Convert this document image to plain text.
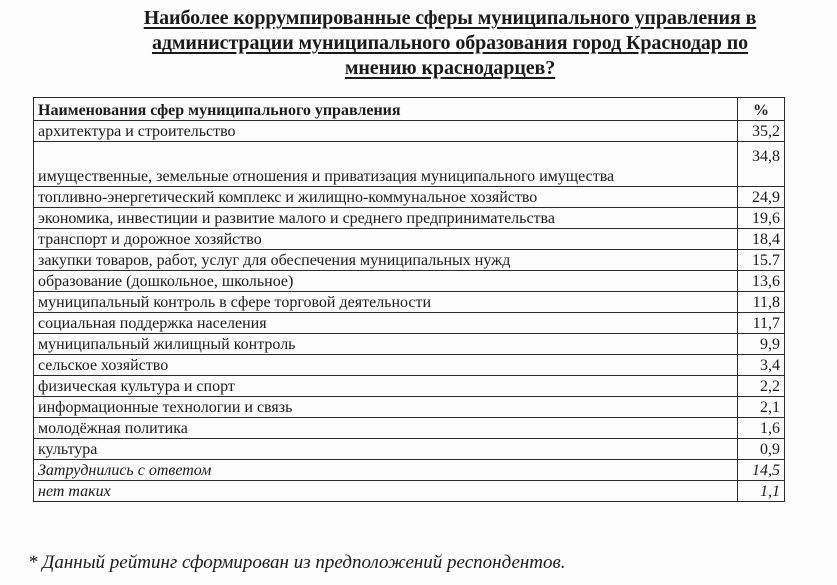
Наиболее коррумпированные сферы муниципального управления в
администрации муниципального образования город Краснодар по
мнению краснодарцев?
Наименования сфер муниципального управления	%
архитектура и строительство	35,2
имущественные, земельные отношения и приватизация муниципального имущества	34,8
топливно-энергетический комплекс и жилищно-коммунальное хозяйство	24,9
экономика, инвестиции и развитие малого и среднего предпринимательства	19,6
транспорт и дорожное хозяйство	18,4
закупки товаров, работ, услуг для обеспечения муниципальных нужд	15.7
образование (дошкольное, школьное)	13,6
муниципальный контроль в сфере торговой деятельности	11,8
социальная поддержка населения	11,7
муниципальный жилищный контроль	9,9
сельское хозяйство	3,4
физическая культура и спорт	2,2
информационные технологии и связь	2,1
молодёжная политика	1,6
культура	0,9
Затруднились с ответом	14,5
нет таких	1,1
* Данный рейтинг сформирован из предположений респондентов.
